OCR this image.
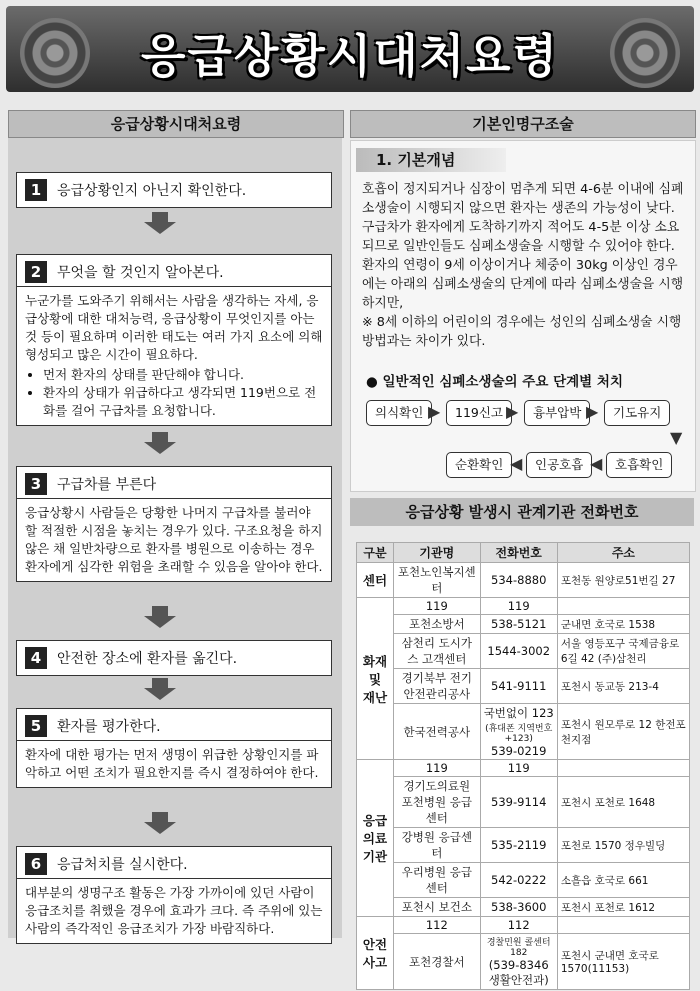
응급상황시대처요령
응급상황시대처요령	기본인명구조술
1 응급상황인지 아닌지 확인한다.
2 무엇을 할 것인지 알아본다.
누군가를 도와주기 위해서는 사람을 생각하는 자세, 응급상황에 대한 대처능력, 응급상황이 무엇인지를 아는 것 등이 필요하며 이러한 태도는 여러 가지 요소에 의해 형성되고 많은 시간이 필요하다.
• 먼저 환자의 상태를 판단해야 합니다.
• 환자의 상태가 위급하다고 생각되면 119번으로 전화를 걸어 구급차를 요청합니다.
3 구급차를 부른다
응급상황시 사람들은 당황한 나머지 구급차를 불러야 할 적절한 시점을 놓치는 경우가 있다. 구조요청을 하지 않은 채 일반차량으로 환자를 병원으로 이송하는 경우 환자에게 심각한 위험을 초래할 수 있음을 알아야 한다.
4 안전한 장소에 환자를 옮긴다.
5 환자를 평가한다.
환자에 대한 평가는 먼저 생명이 위급한 상황인지를 파악하고 어떤 조치가 필요한지를 즉시 결정하여야 한다.
6 응급처치를 실시한다.
대부분의 생명구조 활동은 가장 가까이에 있던 사람이 응급조치를 취했을 경우에 효과가 크다. 즉 주위에 있는 사람의 즉각적인 응급조치가 가장 바람직하다.
1. 기본개념
호흡이 정지되거나 심장이 멈추게 되면 4-6분 이내에 심폐소생술이 시행되지 않으면 환자는 생존의 가능성이 낮다. 구급차가 환자에게 도착하기까지 적어도 4-5분 이상 소요되므로 일반인들도 심폐소생술을 시행할 수 있어야 한다. 환자의 연령이 9세 이상이거나 체중이 30kg 이상인 경우에는 아래의 심폐소생술의 단계에 따라 심폐소생술을 시행하지만,
※ 8세 이하의 어린이의 경우에는 성인의 심폐소생술 시행 방법과는 차이가 있다.
● 일반적인 심폐소생술의 주요 단계별 처치
의식확인 ▶	119신고 ▶	흉부압박 ▶	기도유지
▼
순환확인 ◀	인공호흡 ◀	호흡확인
응급상황 발생시 관계기관 전화번호
구분	기관명	전화번호	주소
센터	포천노인복지센터	534-8880	포천동 원양로51번길 27
화재
및
재난	119	119	
	포천소방서	538-5121	군내면 호국로 1538
	삼천리 도시가스 고객센터	1544-3002	서울 영등포구 국제금융로 6길 42 (주)삼천리
	경기북부 전기안전관리공사	541-9111	포천시 동교동 213-4
	한국전력공사	국번없이 123
(휴대폰 지역번호+123)
539-0219	포천시 원모루로 12 한전포천지점
응급
의료
기관	119	119	
	경기도의료원 포천병원 응급센터	539-9114	포천시 포천로 1648
	강병원 응급센터	535-2119	포천로 1570 정우빌딩
	우리병원 응급센터	542-0222	소흘읍 호국로 661
	포천시 보건소	538-3600	포천시 포천로 1612
안전
사고	112	112	
	포천경찰서	경찰민원 콜센터 182
(539-8346 생활안전과)	포천시 군내면 호국로 1570(11153)
